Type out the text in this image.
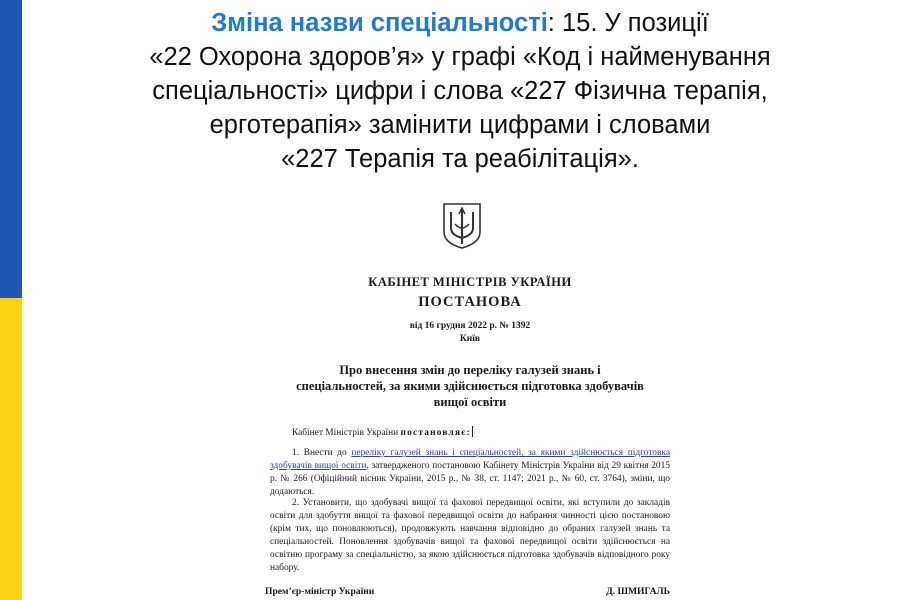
Зміна назви спеціальності: 15. У позиції
«22 Охорона здоров’я» у графі «Код і найменування
спеціальності» цифри і слова «227 Фізична терапія,
ерготерапія» замінити цифрами і словами
«227 Терапія та реабілітація».
КАБІНЕТ МІНІСТРІВ УКРАЇНИ
ПОСТАНОВА
від 16 грудня 2022 р. № 1392
Київ
Про внесення змін до переліку галузей знань і
спеціальностей, за якими здійснюється підготовка здобувачів
вищої освіти
Кабінет Міністрів України постановляє:
1. Внести до переліку галузей знань і спеціальностей, за якими здійснюється підготовка здобувачів вищої освіти, затвердженого постановою Кабінету Міністрів України від 29 квітня 2015 р. № 266 (Офіційний вісник України, 2015 р., № 38, ст. 1147; 2021 р., № 60, ст. 3764), зміни, що додаються.
2. Установити, що здобувачі вищої та фахової передвищої освіти, які вступили до закладів освіти для здобуття вищої та фахової передвищої освіти до набрання чинності цією постановою (крім тих, що поновлюються), продовжують навчання відповідно до обраних галузей знань та спеціальностей. Поновлення здобувачів вищої та фахової передвищої освіти здійснюється на освітню програму за спеціальністю, за якою здійснюється підготовка здобувачів відповідного року набору.
Прем’єр-міністр України	Д. ШМИГАЛЬ
